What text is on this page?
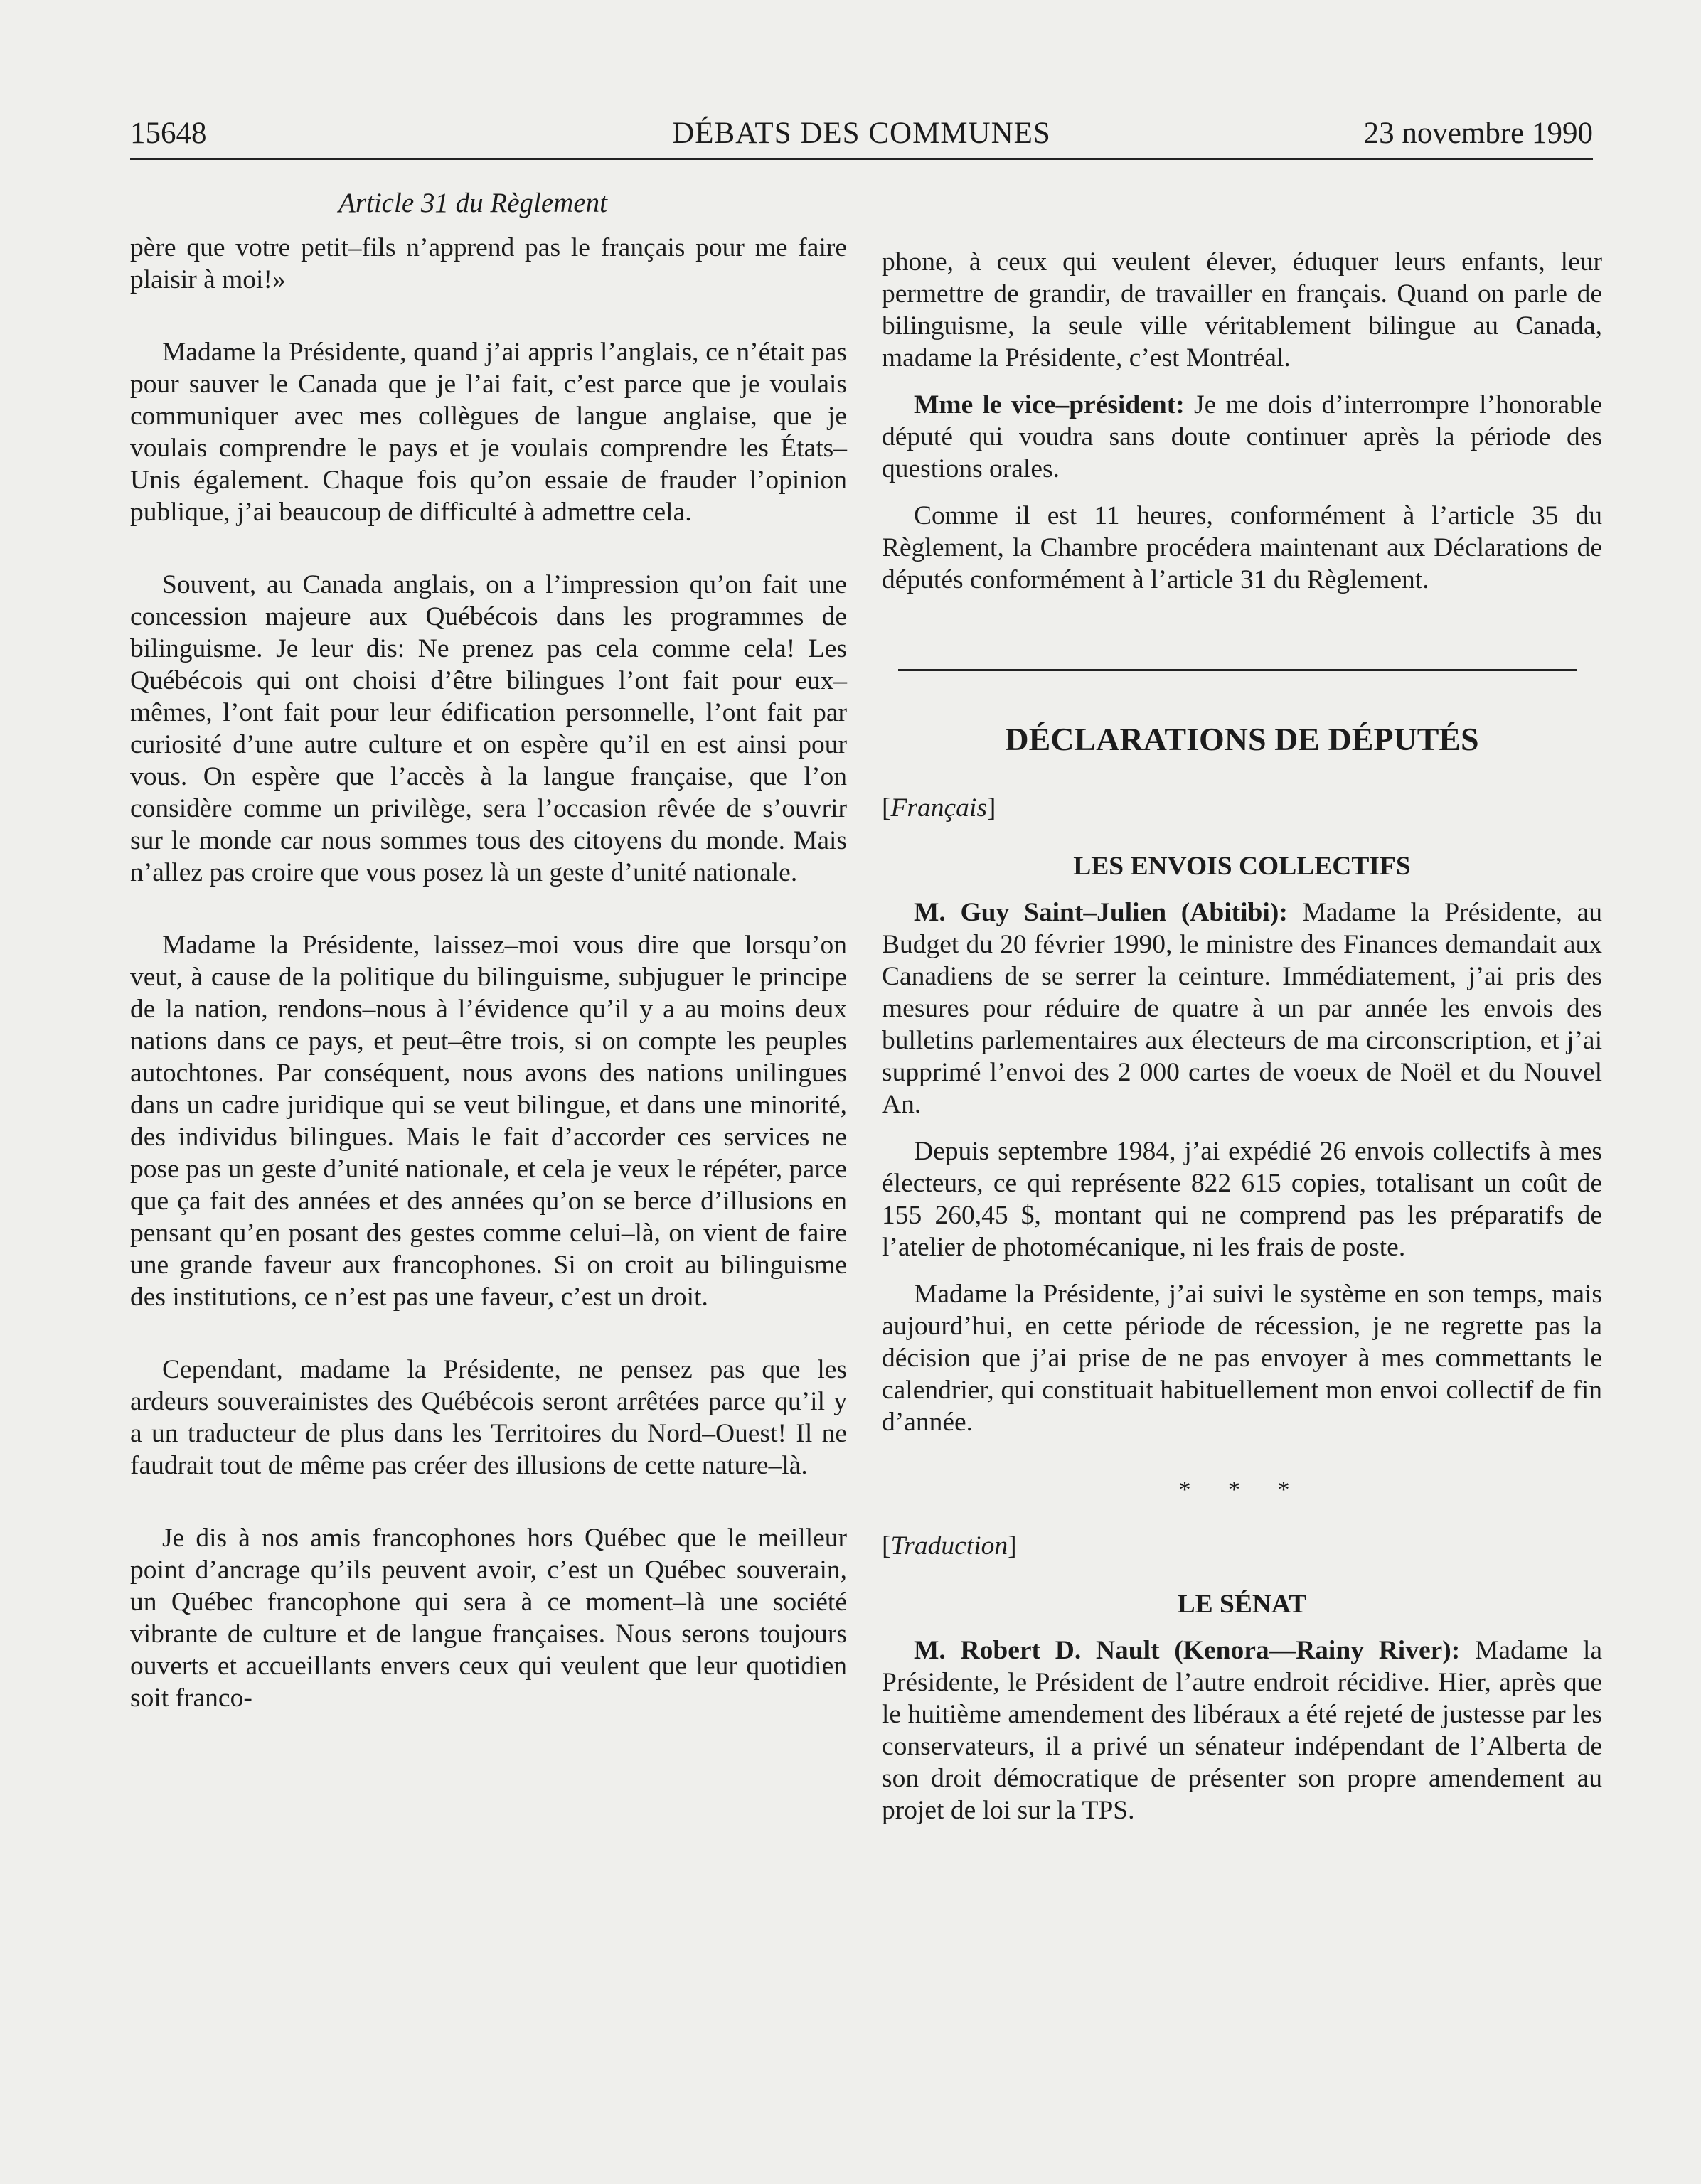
15648	DÉBATS DES COMMUNES	23 novembre 1990

Article 31 du Règlement

père que votre petit–fils n’apprend pas le français pour me faire plaisir à moi!»

Madame la Présidente, quand j’ai appris l’anglais, ce n’était pas pour sauver le Canada que je l’ai fait, c’est parce que je voulais communiquer avec mes collègues de langue anglaise, que je voulais comprendre le pays et je voulais comprendre les États–Unis également. Chaque fois qu’on essaie de frauder l’opinion publique, j’ai beaucoup de difficulté à admettre cela.

Souvent, au Canada anglais, on a l’impression qu’on fait une concession majeure aux Québécois dans les programmes de bilinguisme. Je leur dis: Ne prenez pas cela comme cela! Les Québécois qui ont choisi d’être bilingues l’ont fait pour eux–mêmes, l’ont fait pour leur édification personnelle, l’ont fait par curiosité d’une autre culture et on espère qu’il en est ainsi pour vous. On espère que l’accès à la langue française, que l’on considère comme un privilège, sera l’occasion rêvée de s’ouvrir sur le monde car nous sommes tous des citoyens du monde. Mais n’allez pas croire que vous posez là un geste d’unité nationale.

Madame la Présidente, laissez–moi vous dire que lorsqu’on veut, à cause de la politique du bilinguisme, subjuguer le principe de la nation, rendons–nous à l’évidence qu’il y a au moins deux nations dans ce pays, et peut–être trois, si on compte les peuples autochtones. Par conséquent, nous avons des nations unilingues dans un cadre juridique qui se veut bilingue, et dans une minorité, des individus bilingues. Mais le fait d’accorder ces services ne pose pas un geste d’unité nationale, et cela je veux le répéter, parce que ça fait des années et des années qu’on se berce d’illusions en pensant qu’en posant des gestes comme celui–là, on vient de faire une grande faveur aux francophones. Si on croit au bilinguisme des institutions, ce n’est pas une faveur, c’est un droit.

Cependant, madame la Présidente, ne pensez pas que les ardeurs souverainistes des Québécois seront arrêtées parce qu’il y a un traducteur de plus dans les Territoires du Nord–Ouest! Il ne faudrait tout de même pas créer des illusions de cette nature–là.

Je dis à nos amis francophones hors Québec que le meilleur point d’ancrage qu’ils peuvent avoir, c’est un Québec souverain, un Québec francophone qui sera à ce moment–là une société vibrante de culture et de langue françaises. Nous serons toujours ouverts et accueillants envers ceux qui veulent que leur quotidien soit franco-

phone, à ceux qui veulent élever, éduquer leurs enfants, leur permettre de grandir, de travailler en français. Quand on parle de bilinguisme, la seule ville véritablement bilingue au Canada, madame la Présidente, c’est Montréal.

Mme le vice–président: Je me dois d’interrompre l’honorable député qui voudra sans doute continuer après la période des questions orales.

Comme il est 11 heures, conformément à l’article 35 du Règlement, la Chambre procédera maintenant aux Déclarations de députés conformément à l’article 31 du Règlement.

DÉCLARATIONS DE DÉPUTÉS
[Français]
LES ENVOIS COLLECTIFS

M. Guy Saint–Julien (Abitibi): Madame la Présidente, au Budget du 20 février 1990, le ministre des Finances demandait aux Canadiens de se serrer la ceinture. Immédiatement, j’ai pris des mesures pour réduire de quatre à un par année les envois des bulletins parlementaires aux électeurs de ma circonscription, et j’ai supprimé l’envoi des 2 000 cartes de voeux de Noël et du Nouvel An.

Depuis septembre 1984, j’ai expédié 26 envois collectifs à mes électeurs, ce qui représente 822 615 copies, totalisant un coût de 155 260,45 $, montant qui ne comprend pas les préparatifs de l’atelier de photomécanique, ni les frais de poste.

Madame la Présidente, j’ai suivi le système en son temps, mais aujourd’hui, en cette période de récession, je ne regrette pas la décision que j’ai prise de ne pas envoyer à mes commettants le calendrier, qui constituait habituellement mon envoi collectif de fin d’année.

* * *
[Traduction]
LE SÉNAT

M. Robert D. Nault (Kenora—Rainy River): Madame la Présidente, le Président de l’autre endroit récidive. Hier, après que le huitième amendement des libéraux a été rejeté de justesse par les conservateurs, il a privé un sénateur indépendant de l’Alberta de son droit démocratique de présenter son propre amendement au projet de loi sur la TPS.
